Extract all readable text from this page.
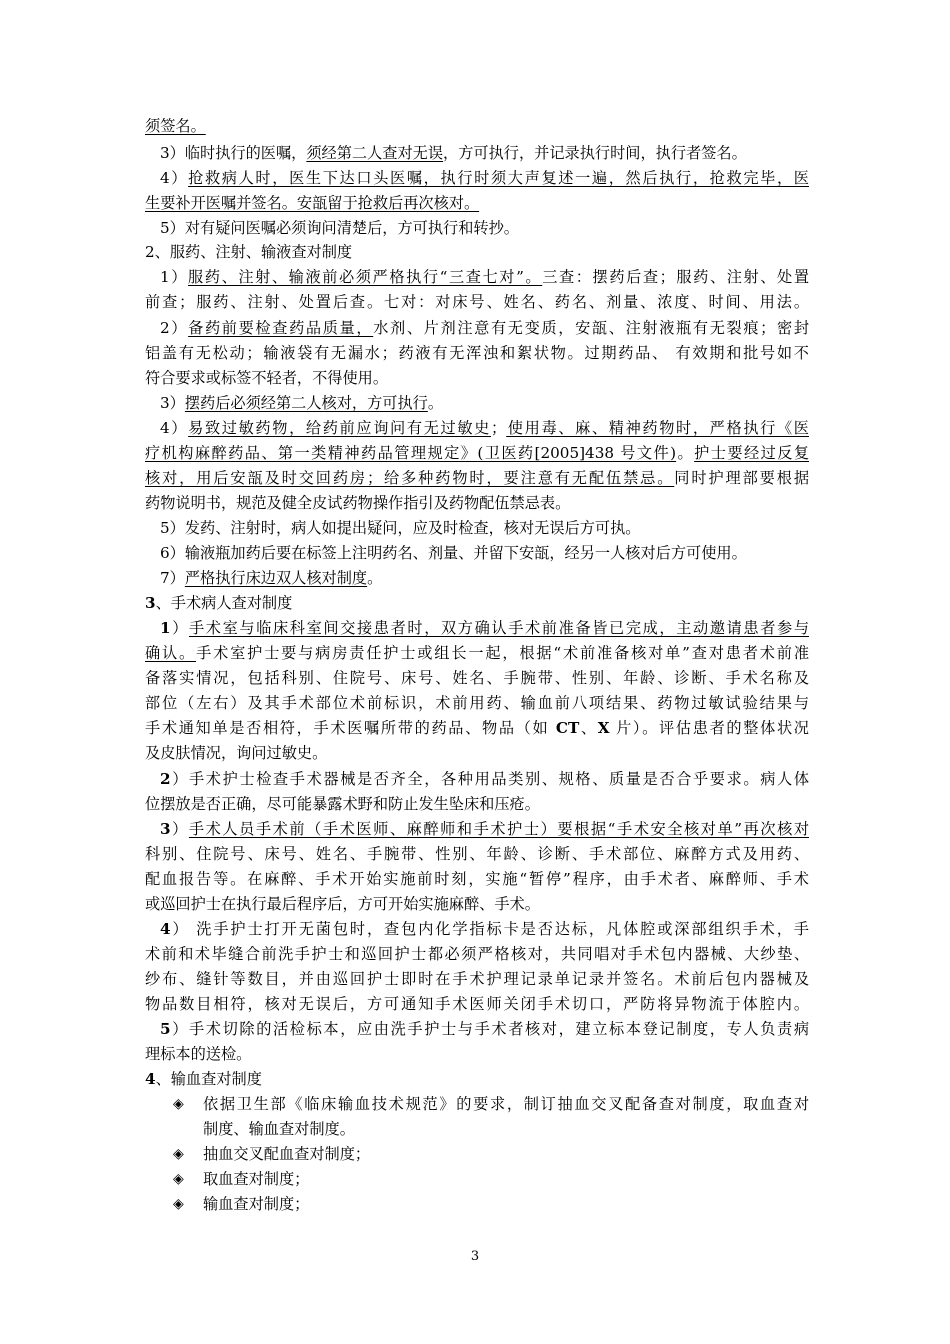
须签名。
3）临时执行的医嘱，须经第二人查对无误，方可执行，并记录执行时间，执行者签名。
4）抢救病人时，医生下达口头医嘱，执行时须大声复述一遍，然后执行，抢救完毕，医
生要补开医嘱并签名。安瓿留于抢救后再次核对。
5）对有疑问医嘱必须询问清楚后，方可执行和转抄。
2、服药、注射、输液查对制度
1）服药、注射、输液前必须严格执行“三查七对”。三查：摆药后查；服药、注射、处置
前查；服药、注射、处置后查。七对：对床号、姓名、药名、剂量、浓度、时间、用法。
2）备药前要检查药品质量，水剂、片剂注意有无变质，安瓿、注射液瓶有无裂痕；密封
铝盖有无松动；输液袋有无漏水；药液有无浑浊和絮状物。过期药品、 有效期和批号如不
符合要求或标签不轻者，不得使用。
3）摆药后必须经第二人核对，方可执行。
4）易致过敏药物，给药前应询问有无过敏史；使用毒、麻、精神药物时，严格执行《医
疗机构麻醉药品、第一类精神药品管理规定》(卫医药[2005]438 号文件)。护士要经过反复
核对，用后安瓿及时交回药房；给多种药物时，要注意有无配伍禁忌。同时护理部要根据
药物说明书，规范及健全皮试药物操作指引及药物配伍禁忌表。
5）发药、注射时，病人如提出疑问，应及时检查，核对无误后方可执。
6）输液瓶加药后要在标签上注明药名、剂量、并留下安瓿，经另一人核对后方可使用。
7）严格执行床边双人核对制度。
3、手术病人查对制度
1）手术室与临床科室间交接患者时，双方确认手术前准备皆已完成，主动邀请患者参与
确认。手术室护士要与病房责任护士或组长一起，根据“术前准备核对单”查对患者术前准
备落实情况，包括科别、住院号、床号、姓名、手腕带、性别、年龄、诊断、手术名称及
部位（左右）及其手术部位术前标识，术前用药、输血前八项结果、药物过敏试验结果与
手术通知单是否相符，手术医嘱所带的药品、物品（如 CT、X 片）。评估患者的整体状况
及皮肤情况，询问过敏史。
2）手术护士检查手术器械是否齐全，各种用品类别、规格、质量是否合乎要求。病人体
位摆放是否正确，尽可能暴露术野和防止发生坠床和压疮。
3）手术人员手术前（手术医师、麻醉师和手术护士）要根据“手术安全核对单”再次核对
科别、住院号、床号、姓名、手腕带、性别、年龄、诊断、手术部位、麻醉方式及用药、
配血报告等。在麻醉、手术开始实施前时刻，实施“暂停”程序，由手术者、麻醉师、手术
或巡回护士在执行最后程序后，方可开始实施麻醉、手术。
4） 洗手护士打开无菌包时，查包内化学指标卡是否达标，凡体腔或深部组织手术，手
术前和术毕缝合前洗手护士和巡回护士都必须严格核对，共同唱对手术包内器械、大纱垫、
纱布、缝针等数目，并由巡回护士即时在手术护理记录单记录并签名。术前后包内器械及
物品数目相符，核对无误后，方可通知手术医师关闭手术切口，严防将异物流于体腔内。
5）手术切除的活检标本，应由洗手护士与手术者核对，建立标本登记制度，专人负责病
理标本的送检。
4、输血查对制度
◈ 依据卫生部《临床输血技术规范》的要求，制订抽血交叉配备查对制度，取血查对
制度、输血查对制度。
◈ 抽血交叉配血查对制度；
◈ 取血查对制度；
◈ 输血查对制度；
3
